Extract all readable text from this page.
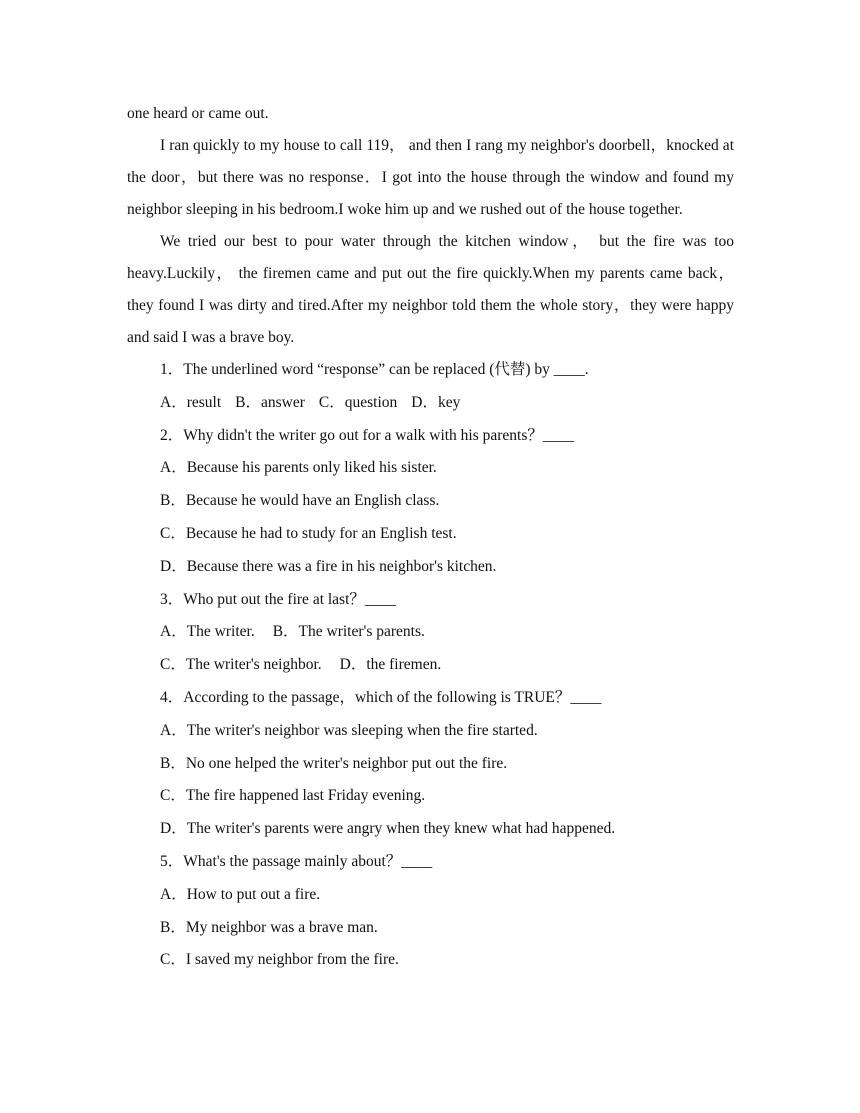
one heard or came out.

I ran quickly to my house to call 119， and then I rang my neighbor's doorbell，knocked at the door，but there was no response．I got into the house through the window and found my neighbor sleeping in his bedroom.I woke him up and we rushed out of the house together.

We tried our best to pour water through the kitchen window， but the fire was too heavy.Luckily， the firemen came and put out the fire quickly.When my parents came back，they found I was dirty and tired.After my neighbor told them the whole story，they were happy and said I was a brave boy.

1．The underlined word “response” can be replaced (代替) by ____.

A．result B．answer C．question D．key

2．Why didn't the writer go out for a walk with his parents？____

A．Because his parents only liked his sister.

B．Because he would have an English class.

C．Because he had to study for an English test.

D．Because there was a fire in his neighbor's kitchen.

3．Who put out the fire at last？____

A．The writer. B．The writer's parents.

C．The writer's neighbor. D．the firemen.

4．According to the passage，which of the following is TRUE？____

A．The writer's neighbor was sleeping when the fire started.

B．No one helped the writer's neighbor put out the fire.

C．The fire happened last Friday evening.

D．The writer's parents were angry when they knew what had happened.

5．What's the passage mainly about？____

A．How to put out a fire.

B．My neighbor was a brave man.

C．I saved my neighbor from the fire.
